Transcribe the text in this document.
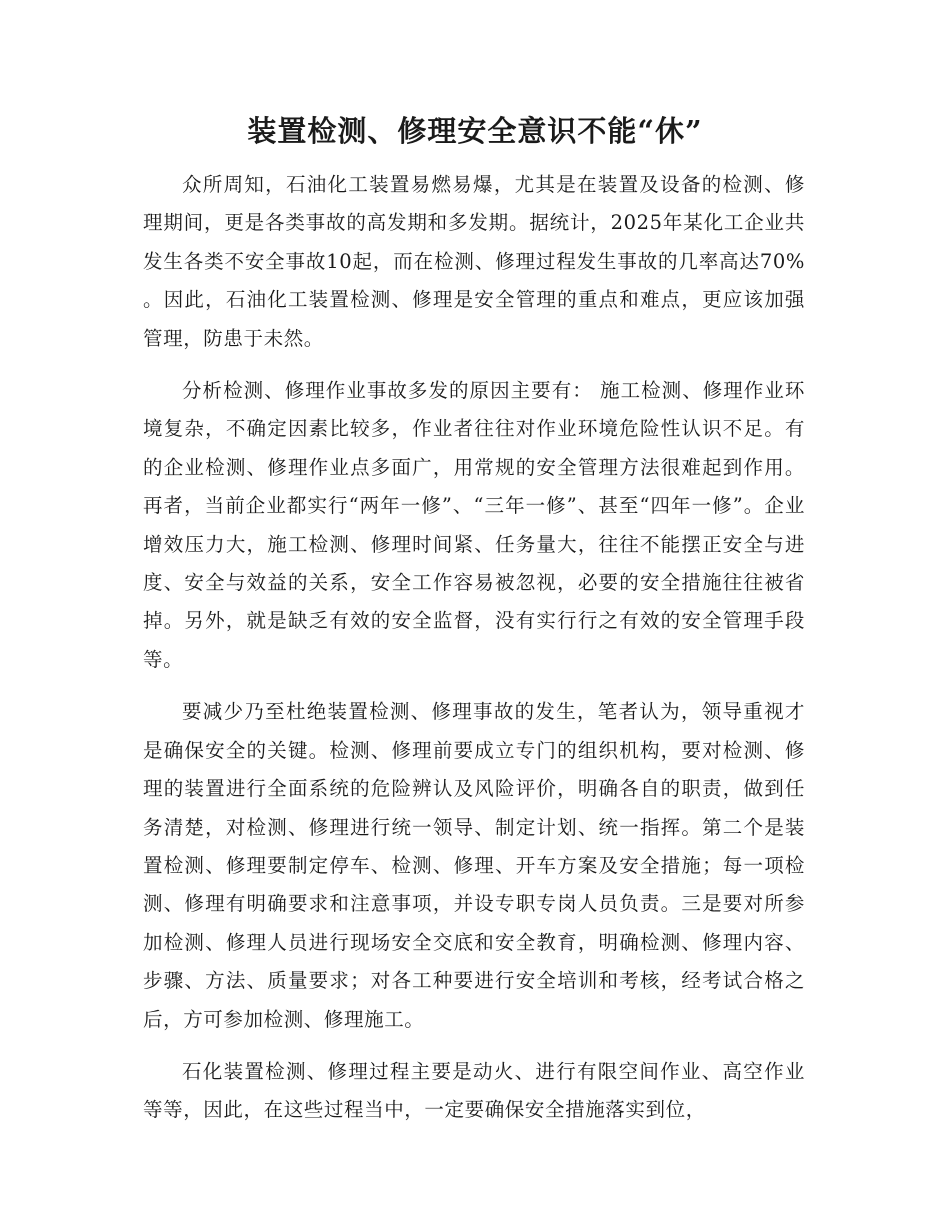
装置检测、修理安全意识不能“休”

众所周知，石油化工装置易燃易爆，尤其是在装置及设备的检测、修理期间，更是各类事故的高发期和多发期。据统计，2025年某化工企业共发生各类不安全事故10起，而在检测、修理过程发生事故的几率高达70% 。因此，石油化工装置检测、修理是安全管理的重点和难点，更应该加强管理，防患于未然。

分析检测、修理作业事故多发的原因主要有： 施工检测、修理作业环境复杂，不确定因素比较多，作业者往往对作业环境危险性认识不足。有的企业检测、修理作业点多面广，用常规的安全管理方法很难起到作用。再者，当前企业都实行“两年一修”、“三年一修”、甚至“四年一修”。企业增效压力大，施工检测、修理时间紧、任务量大，往往不能摆正安全与进度、安全与效益的关系，安全工作容易被忽视，必要的安全措施往往被省掉。另外，就是缺乏有效的安全监督，没有实行行之有效的安全管理手段等。

要减少乃至杜绝装置检测、修理事故的发生，笔者认为，领导重视才是确保安全的关键。检测、修理前要成立专门的组织机构，要对检测、修理的装置进行全面系统的危险辨认及风险评价，明确各自的职责，做到任务清楚，对检测、修理进行统一领导、制定计划、统一指挥。第二个是装置检测、修理要制定停车、检测、修理、开车方案及安全措施；每一项检测、修理有明确要求和注意事项，并设专职专岗人员负责。三是要对所参加检测、修理人员进行现场安全交底和安全教育，明确检测、修理内容、步骤、方法、质量要求；对各工种要进行安全培训和考核，经考试合格之后，方可参加检测、修理施工。

石化装置检测、修理过程主要是动火、进行有限空间作业、高空作业等等，因此，在这些过程当中，一定要确保安全措施落实到位，
